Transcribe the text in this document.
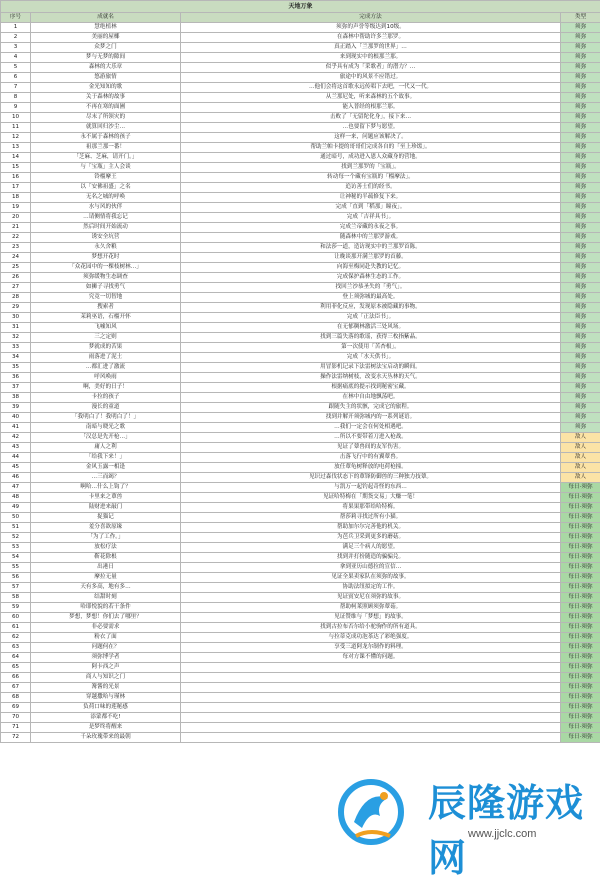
天地万象			
序号	成就名	完成方法	类型
1	慧绝植林	须弥的声誉等级达到10级。	须弥
2	美丽的屋椰	在森林中帮助许多兰那罗。	须弥
3	众梦之门	真正踏入「兰那罗的世界」…	须弥
4	梦与无梦的隙间	来到现实中的根那兰那。	须弥
5	森林的大乐章	似乎具有成为「采歌者」的潜力？…	须弥
6	悠游旅情	旅途中的风景不应错过。	须弥
7	金光知知的歌	…他们会将这首歌永远传唱下去吧，一代又一代。	须弥
8	关于森林的故事	从兰那尼处，听来森林的五个故事。	须弥
9	不再在寒的面圃	能入普经的根那兰那。	须弥
10	尽末了所领灾的	击败了「无留陀化身」，接下来…	须弥
11	就算回归沙尘…	…也要留下梦与愿望。	须弥
12	永不属于森林的孩子	这样一来，问题应该解决了。	须弥
13	祖那兰那一番！	帮助兰帕卡提的哥哥们完成各自的「至上珍馐」。	须弥
14	「芝麻、芝麻，请开门。」	通过暗号，成功进入恩人众藏身的营地。	须弥
15	与「宝瓶」主人会谈	找到兰那罗的「宝瓶」。	须弥
16	铃榴摩王	转动每一个藏有宝瓶的「榴摩法」。	须弥
17	以「安佛祖盛」之名	追访善士们的经书。	须弥
18	无名之城的呼唤	让神秘的半疏修复下来。	须弥
19	水与风的伙伴	完成「直到「稻那」瞳夜」。	须弥
20	…请侧情将我忘记	完成「吉祥具书」。	须弥
21	然后时间开始流动	完成兰帝藏的永夜之事。	须弥
22	诱安全坑营	随森林中的兰那罗游戏。	须弥
23	永久舍粮	和法莎一道，造访现实中的兰那罗首陈。	须弥
24	梦想开花时	让晚谈那开满兰那罗的首藤。	须弥
25	「众花园中的一棵枝树林…」	向海至梅同赴失教的记忆。	须弥
26	须弥缓物生态调查	完成保护森林生态的工作。	须弥
27	如狮子寻找勇气	找回兰沙恭圣失的「勇气」。	须弥
28	究竟一切智地	登上须弥城的最高处。	须弥
29	搜索者	利用菲化反应，发现原本被隐藏的事物。	须弥
30	茉莉巫语，石榴开怀	完成「正法臣书」。	须弥
31	飞嘘知风	在无郁稠林激活三处风场。	须弥
32	三之定则	找到三篇失落的歌谣，获得三枚指紫晶。	须弥
33	梦就成的苦果	第一次使用「苦杏根」。	须弥
34	雨落进了泥土	完成「水天供书」。	须弥
35	…都汇进了激流	用冒影机记录下法雷树法宝启动的瞬间。	须弥
36	呼风唤雨	操作法雷纳树枝，改变水天丛林的天气。	须弥
37	啊，美好的日子！	根据痛底的提示找到秘密宝藏。	须弥
38	卡拉的孩子	在林中自由地飘荡吧。	须弥
39	漫长的童道	跟随失主的状骸，完成它的旅程。	须弥
40	「我明白了！我明白了！」	找到并解开须弥城内的一系列谜语。	须弥
41	南暗与晓光之歌	…我们一定会在何处相遇吧。	须弥
42	「汉总是先开枪…」	…所以不要带着刀进入枪战。	敌人
43	庸人之利	见证了蕈兽间的友军伤害。	敌人
44	「给我下来！」	击落飞行中的有翼蕈兽。	敌人
45	金风玉露一相逢	放任蕈龟树释放的电荷枪撞。	敌人
46	…三而竭？	见识过森伐状态下的蕈锋防御兽的三种独力技蕈。	敌人
47	啊哈…什么上钩了？	与凯万一起钓起奇怪的东西…	每日·须弥
48	卡里来之蕈兽	见证哈特梅在「期货交易」大赚一笔！	每日·须弥
49	陆财进来敲门	将果果那带给哈特梅。	每日·须弥
50	捉猫记	帮莎莉寻找过所有小猫。	每日·须弥
51	羞分喜欲原缘	帮助加尔尔完善他的机关。	每日·须弥
52	「为了工作。」	为芭兵卫采到更多的蘑菇。	每日·须弥
53	放松疗法	满足三个病人的愿望。	每日·须弥
54	靳花除根	找到并打扮随造的骗骗兑。	每日·须弥
55	出港日	拿到亚历山德拉的宣信…	每日·须弥
56	摩拉无量	见证全果卖家队在须弥的故事。	每日·须弥
57	天有多高，地有多…	协助法纽拟定的工作。	每日·须弥
58	结甜时刻	见证賓安尼在须弥的故事。	每日·须弥
59	哈耶悦貌的若干条件	帮助柯莱照顾须弥蕈菇。	每日·须弥
60	梦想，梦想！你们去了哪里？	见证赞维与「梦想」的故事。	每日·须弥
61	非必要需求	找到古拉布否尔给小驼驹作的所有道具。	每日·须弥
62	粉衣了面	与拉蒂克成功泡茶达了彩绝强度。	每日·须弥
63	问题何在？	享受三道阿龙尔制作的料理。	每日·须弥
64	须弥博学者	每对方课不懂的问题。	每日·须弥
65	阿卡西之声		每日·须弥
66	商人与知识之门		每日·须弥
67	篝酱的光景		每日·须弥
68	穿越撒哈与瑾林		每日·须弥
69	负荷口味的莲秘感		每日·须弥
70	添蒙都不吃!		每日·须弥
71	是梦终将醒来		每日·须弥
72	千朵玫瑰带来的最朝		每日·须弥
辰隆游戏网
www.jjclc.com
